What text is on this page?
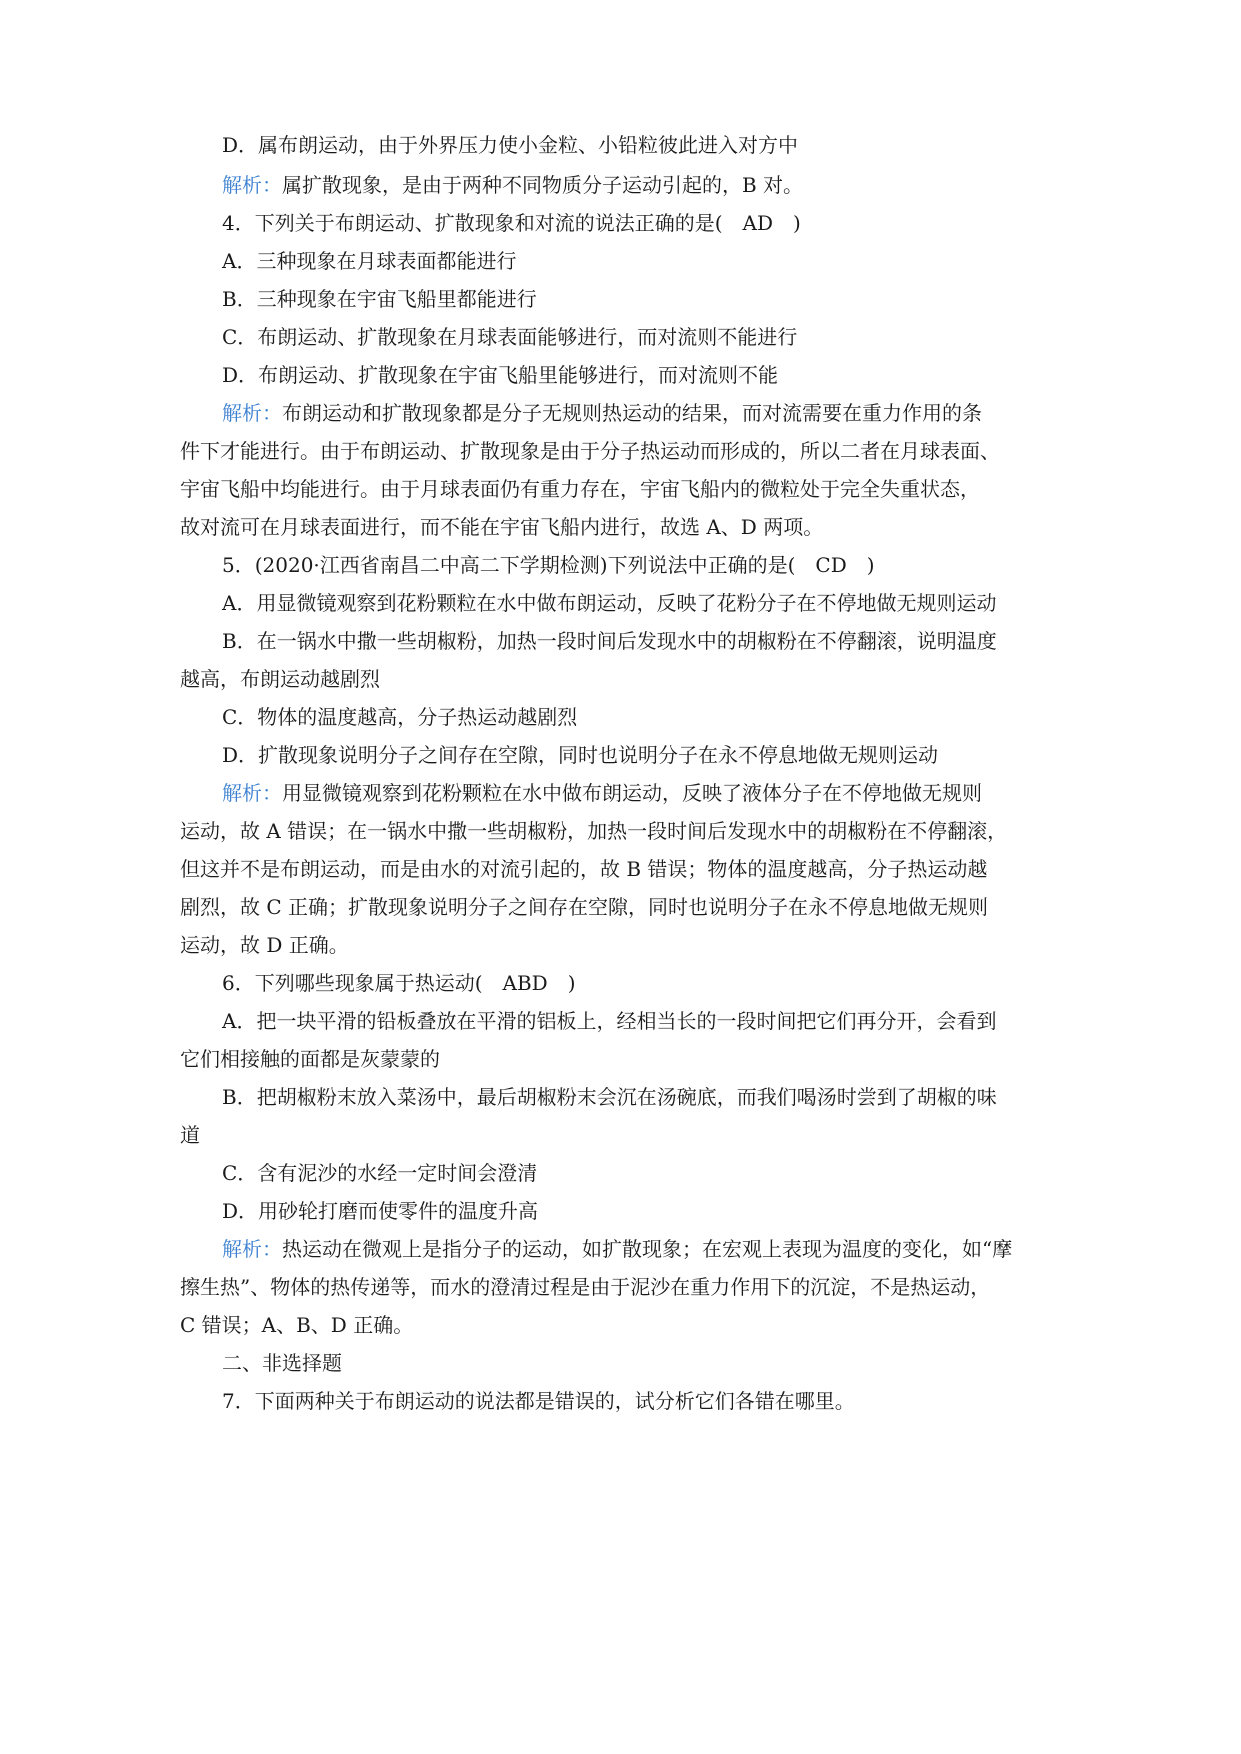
D．属布朗运动，由于外界压力使小金粒、小铅粒彼此进入对方中
解析：属扩散现象，是由于两种不同物质分子运动引起的，B 对。
4．下列关于布朗运动、扩散现象和对流的说法正确的是(　AD　)
A．三种现象在月球表面都能进行
B．三种现象在宇宙飞船里都能进行
C．布朗运动、扩散现象在月球表面能够进行，而对流则不能进行
D．布朗运动、扩散现象在宇宙飞船里能够进行，而对流则不能
解析：布朗运动和扩散现象都是分子无规则热运动的结果，而对流需要在重力作用的条
件下才能进行。由于布朗运动、扩散现象是由于分子热运动而形成的，所以二者在月球表面、
宇宙飞船中均能进行。由于月球表面仍有重力存在，宇宙飞船内的微粒处于完全失重状态，
故对流可在月球表面进行，而不能在宇宙飞船内进行，故选 A、D 两项。
5．(2020·江西省南昌二中高二下学期检测)下列说法中正确的是(　CD　)
A．用显微镜观察到花粉颗粒在水中做布朗运动，反映了花粉分子在不停地做无规则运动
B．在一锅水中撒一些胡椒粉，加热一段时间后发现水中的胡椒粉在不停翻滚，说明温度
越高，布朗运动越剧烈
C．物体的温度越高，分子热运动越剧烈
D．扩散现象说明分子之间存在空隙，同时也说明分子在永不停息地做无规则运动
解析：用显微镜观察到花粉颗粒在水中做布朗运动，反映了液体分子在不停地做无规则
运动，故 A 错误；在一锅水中撒一些胡椒粉，加热一段时间后发现水中的胡椒粉在不停翻滚，
但这并不是布朗运动，而是由水的对流引起的，故 B 错误；物体的温度越高，分子热运动越
剧烈，故 C 正确；扩散现象说明分子之间存在空隙，同时也说明分子在永不停息地做无规则
运动，故 D 正确。
6．下列哪些现象属于热运动(　ABD　)
A．把一块平滑的铅板叠放在平滑的铝板上，经相当长的一段时间把它们再分开，会看到
它们相接触的面都是灰蒙蒙的
B．把胡椒粉末放入菜汤中，最后胡椒粉末会沉在汤碗底，而我们喝汤时尝到了胡椒的味
道
C．含有泥沙的水经一定时间会澄清
D．用砂轮打磨而使零件的温度升高
解析：热运动在微观上是指分子的运动，如扩散现象；在宏观上表现为温度的变化，如“摩
擦生热”、物体的热传递等，而水的澄清过程是由于泥沙在重力作用下的沉淀，不是热运动，
C 错误；A、B、D 正确。
二、非选择题
7．下面两种关于布朗运动的说法都是错误的，试分析它们各错在哪里。
